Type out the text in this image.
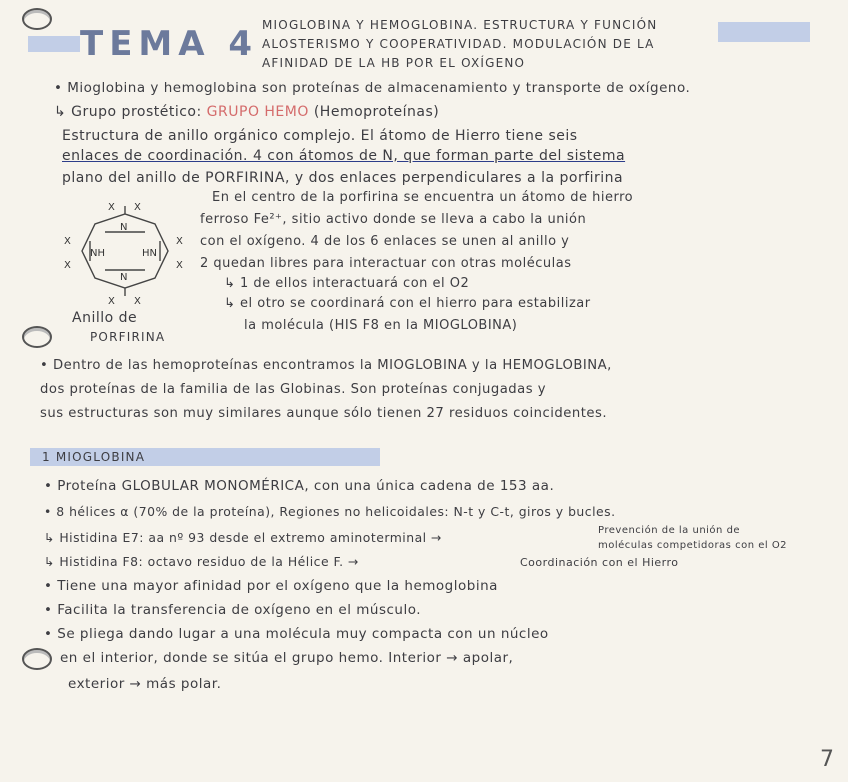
TEMA 4 MIOGLOBINA Y HEMOGLOBINA. ESTRUCTURA Y FUNCIÓN
ALOSTERISMO Y COOPERATIVIDAD. MODULACIÓN DE LA
AFINIDAD DE LA HB POR EL OXÍGENO
• Mioglobina y hemoglobina son proteínas de almacenamiento y transporte de oxígeno.
↳ Grupo prostético: GRUPO HEMO (Hemoproteínas)
Estructura de anillo orgánico complejo. El átomo de Hierro tiene seis
enlaces de coordinación. 4 con átomos de N, que forman parte del sistema
plano del anillo de PORFIRINA, y dos enlaces perpendiculares a la porfirina
X X
X
X
X
X
X X
NH	HN
N
N
Anillo de
PORFIRINA
En el centro de la porfirina se encuentra un átomo de hierro
ferroso Fe²⁺, sitio activo donde se lleva a cabo la unión
con el oxígeno. 4 de los 6 enlaces se unen al anillo y
2 quedan libres para interactuar con otras moléculas
↳ 1 de ellos interactuará con el O2
↳ el otro se coordinará con el hierro para estabilizar
la molécula (HIS F8 en la MIOGLOBINA)
• Dentro de las hemoproteínas encontramos la MIOGLOBINA y la HEMOGLOBINA,
dos proteínas de la familia de las Globinas. Son proteínas conjugadas y
sus estructuras son muy similares aunque sólo tienen 27 residuos coincidentes.
1 MIOGLOBINA
• Proteína GLOBULAR MONOMÉRICA, con una única cadena de 153 aa.
• 8 hélices α (70% de la proteína), Regiones no helicoidales: N-t y C-t, giros y bucles.
↳ Histidina E7: aa nº 93 desde el extremo aminoterminal →
↳ Histidina F8: octavo residuo de la Hélice F. →
Prevención de la unión de
moléculas competidoras con el O2
Coordinación con el Hierro
• Tiene una mayor afinidad por el oxígeno que la hemoglobina
• Facilita la transferencia de oxígeno en el músculo.
• Se pliega dando lugar a una molécula muy compacta con un núcleo
en el interior, donde se sitúa el grupo hemo. Interior → apolar,
exterior → más polar.
7
